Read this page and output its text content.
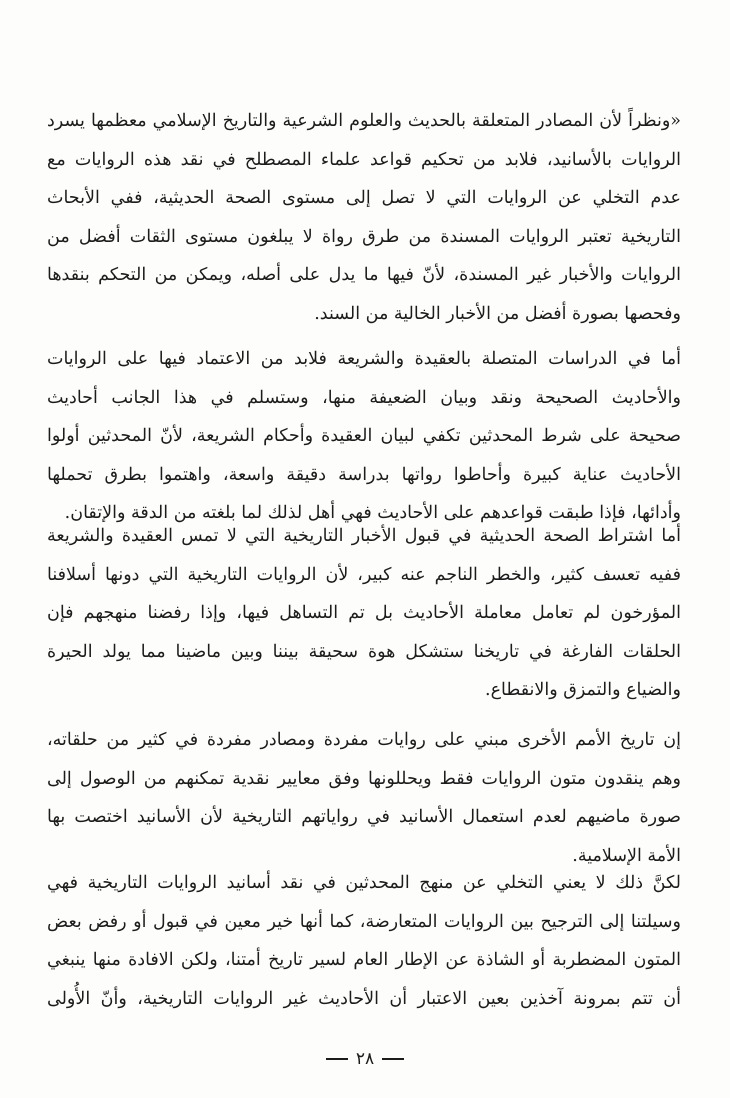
«ونظراً لأن المصادر المتعلقة بالحديث والعلوم الشرعية والتاريخ الإسلامي معظمها يسرد
الروايات بالأسانيد، فلابد من تحكيم قواعد علماء المصطلح في نقد هذه الروايات مع
عدم التخلي عن الروايات التي لا تصل إلى مستوى الصحة الحديثية، ففي الأبحاث
التاريخية تعتبر الروايات المسندة من طرق رواة لا يبلغون مستوى الثقات أفضل من
الروايات والأخبار غير المسندة، لأنّ فيها ما يدل على أصله، ويمكن من التحكم بنقدها
وفحصها بصورة أفضل من الأخبار الخالية من السند.
أما في الدراسات المتصلة بالعقيدة والشريعة فلابد من الاعتماد فيها على الروايات
والأحاديث الصحيحة ونقد وبيان الضعيفة منها، وستسلم في هذا الجانب أحاديث
صحيحة على شرط المحدثين تكفي لبيان العقيدة وأحكام الشريعة، لأنّ المحدثين أولوا
الأحاديث عناية كبيرة وأحاطوا رواتها بدراسة دقيقة واسعة، واهتموا بطرق تحملها
وأدائها، فإذا طبقت قواعدهم على الأحاديث فهي أهل لذلك لما بلغته من الدقة والإتقان.
أما اشتراط الصحة الحديثية في قبول الأخبار التاريخية التي لا تمس العقيدة والشريعة
ففيه تعسف كثير، والخطر الناجم عنه كبير، لأن الروايات التاريخية التي دونها أسلافنا
المؤرخون لم تعامل معاملة الأحاديث بل تم التساهل فيها، وإذا رفضنا منهجهم فإن
الحلقات الفارغة في تاريخنا ستشكل هوة سحيقة بيننا وبين ماضينا مما يولد الحيرة
والضياع والتمزق والانقطاع.
إن تاريخ الأمم الأخرى مبني على روايات مفردة ومصادر مفردة في كثير من حلقاته،
وهم ينقدون متون الروايات فقط ويحللونها وفق معايير نقدية تمكنهم من الوصول إلى
صورة ماضيهم لعدم استعمال الأسانيد في رواياتهم التاريخية لأن الأسانيد اختصت بها
الأمة الإسلامية.
لكنَّ ذلك لا يعني التخلي عن منهج المحدثين في نقد أسانيد الروايات التاريخية فهي
وسيلتنا إلى الترجيح بين الروايات المتعارضة، كما أنها خير معين في قبول أو رفض بعض
المتون المضطربة أو الشاذة عن الإطار العام لسير تاريخ أمتنا، ولكن الافادة منها ينبغي
أن تتم بمرونة آخذين بعين الاعتبار أن الأحاديث غير الروايات التاريخية، وأنّ الأُولى
٢٨
